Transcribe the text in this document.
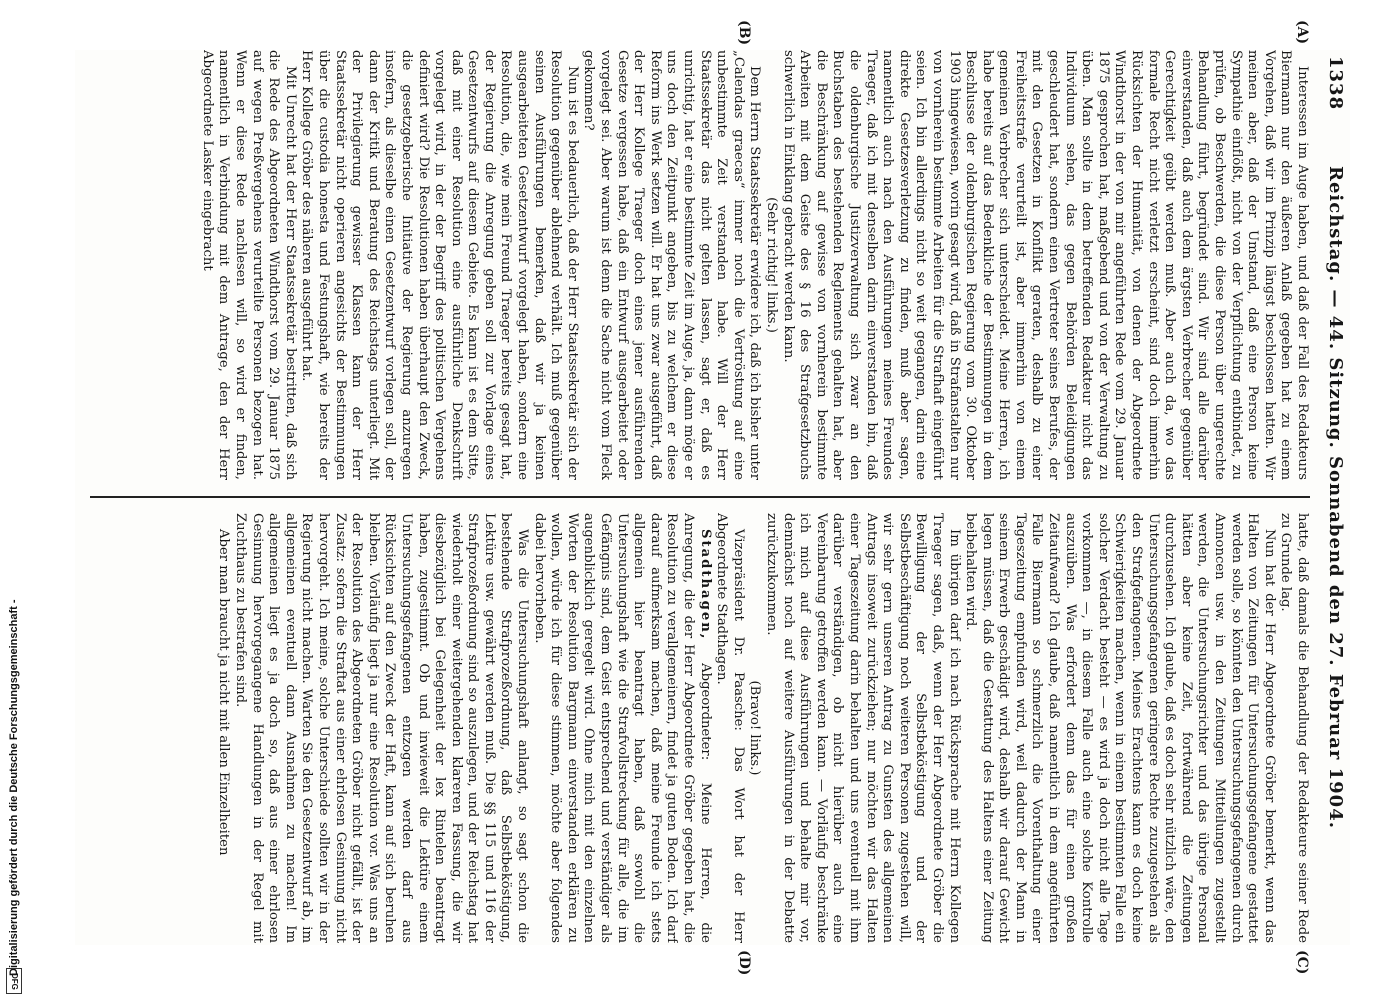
1338
Reichstag. — 44. Sitzung. Sonnabend den 27. Februar 1904.
(A)
(B)
(C)
(D)

Interessen im Auge haben, und daß der Fall des Redakteurs Biermann nur den äußeren Anlaß gegeben hat zu einem Vorgehen, daß wir im Prinzip längst beschlossen hatten. Wir meinen aber, daß der Umstand, daß eine Person keine Sympathie einflößt, nicht von der Verpflichtung entbindet, zu prüfen, ob Beschwerden, die diese Person über ungerechte Behandlung führt, begründet sind. Wir sind alle darüber einverstanden, daß auch dem ärgsten Verbrecher gegenüber Gerechtigkeit geübt werden muß. Aber auch da, wo das formale Recht nicht verletzt erscheint, sind doch immerhin Rücksichten der Humanität, von denen der Abgeordnete Windthorst in der von mir angeführten Rede vom 29. Januar 1875 gesprochen hat, maßgebend und von der Verwaltung zu üben. Man sollte in dem betreffenden Redakteur nicht das Individuum sehen, das gegen Behörden Beleidigungen geschleudert hat, sondern einen Vertreter seines Berufes, der mit den Gesetzen in Konflikt geraten, deshalb zu einer Freiheitsstrafe verurteilt ist, aber immerhin von einem gemeinen Verbrecher sich unterscheidet. Meine Herren, ich habe bereits auf das Bedenkliche der Bestimmungen in dem Beschlusse der oldenburgischen Regierung vom 30. Oktober 1903 hingewiesen, worin gesagt wird, daß in Strafanstalten nur von vornherein bestimmte Arbeiten für die Strafhaft eingeführt seien. Ich bin allerdings nicht so weit gegangen, darin eine direkte Gesetzesverletzung zu finden, muß aber sagen, namentlich auch nach den Ausführungen meines Freundes Traeger, daß ich mit denselben darin einverstanden bin, daß die oldenburgische Justizverwaltung sich zwar an den Buchstaben des bestehenden Reglements gehalten hat, aber die Beschränkung auf gewisse von vornherein bestimmte Arbeiten mit dem Geiste des § 16 des Strafgesetzbuchs schwerlich in Einklang gebracht werden kann.

(Sehr richtig! links.)

Dem Herrn Staatssekretär erwidere ich, daß ich bisher unter „Calendas graecas“ immer noch die Vertröstung auf eine unbestimmte Zeit verstanden habe. Will der Herr Staatssekretär das nicht gelten lassen, sagt er, daß es unrichtig, hat er eine bestimmte Zeit im Auge, ja, dann möge er uns doch den Zeitpunkt angeben, bis zu welchem er diese Reform ins Werk setzen will. Er hat uns zwar ausgeführt, daß der Herr Kollege Traeger doch eines jener ausführenden Gesetze vergessen habe, daß ein Entwurf ausgearbeitet oder vorgelegt sei. Aber warum ist denn die Sache nicht vom Fleck gekommen?

Nun ist es bedauerlich, daß der Herr Staatssekretär sich der Resolution gegenüber ablehnend verhält. Ich muß gegenüber seinen Ausführungen bemerken, daß wir ja keinen ausgearbeiteten Gesetzentwurf vorgelegt haben, sondern eine Resolution, die, wie mein Freund Traeger bereits gesagt hat, der Regierung die Anregung geben soll zur Vorlage eines Gesetzentwurfs auf diesem Gebiete. Es kann ist es dem Sitte, daß mit einer Resolution eine ausführliche Denkschrift vorgelegt wird, in der der Begriff des politischen Vergehens definiert wird? Die Resolutionen haben überhaupt den Zweck, die gesetzgeberische Initiative der Regierung anzuregen insofern, als dieselbe einen Gesetzentwurf vorlegen soll, der dann der Kritik und Beratung des Reichstags unterliegt. Mit der Privilegierung gewisser Klassen kann der Herr Staatssekretär nicht operieren angesichts der Bestimmungen über die custodia honesta und Festungshaft, wie bereits der Herr Kollege Gröber des näheren ausgeführt hat.

Mit Unrecht hat der Herr Staatssekretär bestritten, daß sich die Rede des Abgeordneten Windthorst vom 29. Januar 1875 auf wegen Preßvergehens verurteilte Personen bezogen hat. Wenn er diese Rede nachlesen will, so wird er finden, namentlich in Verbindung mit dem Antrage, den der Herr Abgeordnete Lasker eingebracht

hatte, daß damals die Behandlung der Redakteure seiner Rede zu Grunde lag.

Nun hat der Herr Abgeordnete Gröber bemerkt, wenn das Halten von Zeitungen für Untersuchungsgefangene gestattet werden solle, so könnten den Untersuchungsgefangenen durch Annoncen usw. in den Zeitungen Mitteilungen zugestellt werden, die Untersuchungsrichter und das übrige Personal hätten aber keine Zeit, fortwährend die Zeitungen durchzusehen. Ich glaube, daß es doch sehr nützlich wäre, den Untersuchungsgefangenen geringere Rechte zuzugestehen als den Strafgefangenen. Meines Erachtens kann es doch keine Schwierigkeiten machen, wenn in einem bestimmten Falle ein solcher Verdacht besteht — es wird ja doch nicht alle Tage vorkommen —, in diesem Falle auch eine solche Kontrolle auszuüben. Was erfordert denn das für einen großen Zeitaufwand? Ich glaube, daß namentlich in dem angeführten Falle Biermann so schmerzlich die Vorenthaltung einer Tageszeitung empfunden wird, weil dadurch der Mann in seinem Erwerb geschädigt wird, deshalb wir darauf Gewicht legen müssen, daß die Gestattung des Haltens einer Zeitung beibehalten wird.

Im übrigen darf ich nach Rücksprache mit Herrn Kollegen Traeger sagen, daß, wenn der Herr Abgeordnete Gröber die Bewilligung der Selbstbeköstigung und der Selbstbeschäftigung noch weiteren Personen zugestehen will, wir sehr gern unseren Antrag zu Gunsten des allgemeinen Antrags insoweit zurückziehen; nur möchten wir das Halten einer Tageszeitung darin behalten und uns eventuell mit ihm darüber verständigen, ob nicht hierüber auch eine Vereinbarung getroffen werden kann. — Vorläufig beschränke ich mich auf diese Ausführungen und behalte mir vor, demnächst noch auf weitere Ausführungen in der Debatte zurückzukommen.

(Bravo! links.)

Vizepräsident Dr. Paasche: Das Wort hat der Herr Abgeordnete Stadthagen.

Stadthagen, Abgeordneter: Meine Herren, die Anregung, die der Herr Abgeordnete Gröber gegeben hat, die Resolution zu verallgemeinern, findet ja guten Boden. Ich darf darauf aufmerksam machen, daß meine Freunde ich stets allgemein hier beantragt haben, daß sowohl die Untersuchungshaft wie die Strafvollstreckung für alle, die im Gefängnis sind, dem Geist entsprechend und verständiger als augenblicklich geregelt wird. Ohne mich mit den einzelnen Worten der Resolution Bargmann einverstanden erklären zu wollen, würde ich für diese stimmen, möchte aber folgendes dabei hervorheben.

Was die Untersuchungshaft anlangt, so sagt schon die bestehende Strafprozeßordnung, daß Selbstbeköstigung, Lektüre usw. gewährt werden muß. Die §§ 115 und 116 der Strafprozeßordnung sind so auszulegen, und der Reichstag hat wiederholt einer weitergehenden klareren Fassung, die wir diesbezüglich bei Gelegenheit der lex Rintelen beantragt haben, zugestimmt. Ob und inwieweit die Lektüre einem Untersuchungsgefangenen entzogen werden darf aus Rücksichten auf den Zweck der Haft, kann auf sich beruhen bleiben. Vorläufig liegt ja nur eine Resolution vor. Was uns an der Resolution des Abgeordneten Gröber nicht gefällt, ist der Zusatz: sofern die Straftat aus einer ehrlosen Gesinnung nicht hervorgeht. Ich meine, solche Unterschiede sollten wir in der Regierung nicht machen. Warten Sie den Gesetzentwurf ab, im allgemeinen eventuell dann Ausnahmen zu machen! Im allgemeinen liegt es ja doch so, daß aus einer ehrlosen Gesinnung hervorgegangene Handlungen in der Regel mit Zuchthaus zu bestrafen sind.

Aber man braucht ja nicht mit allen Einzelheiten

Digitalisierung gefördert durch die Deutsche Forschungsgemeinschaft -
DFG
